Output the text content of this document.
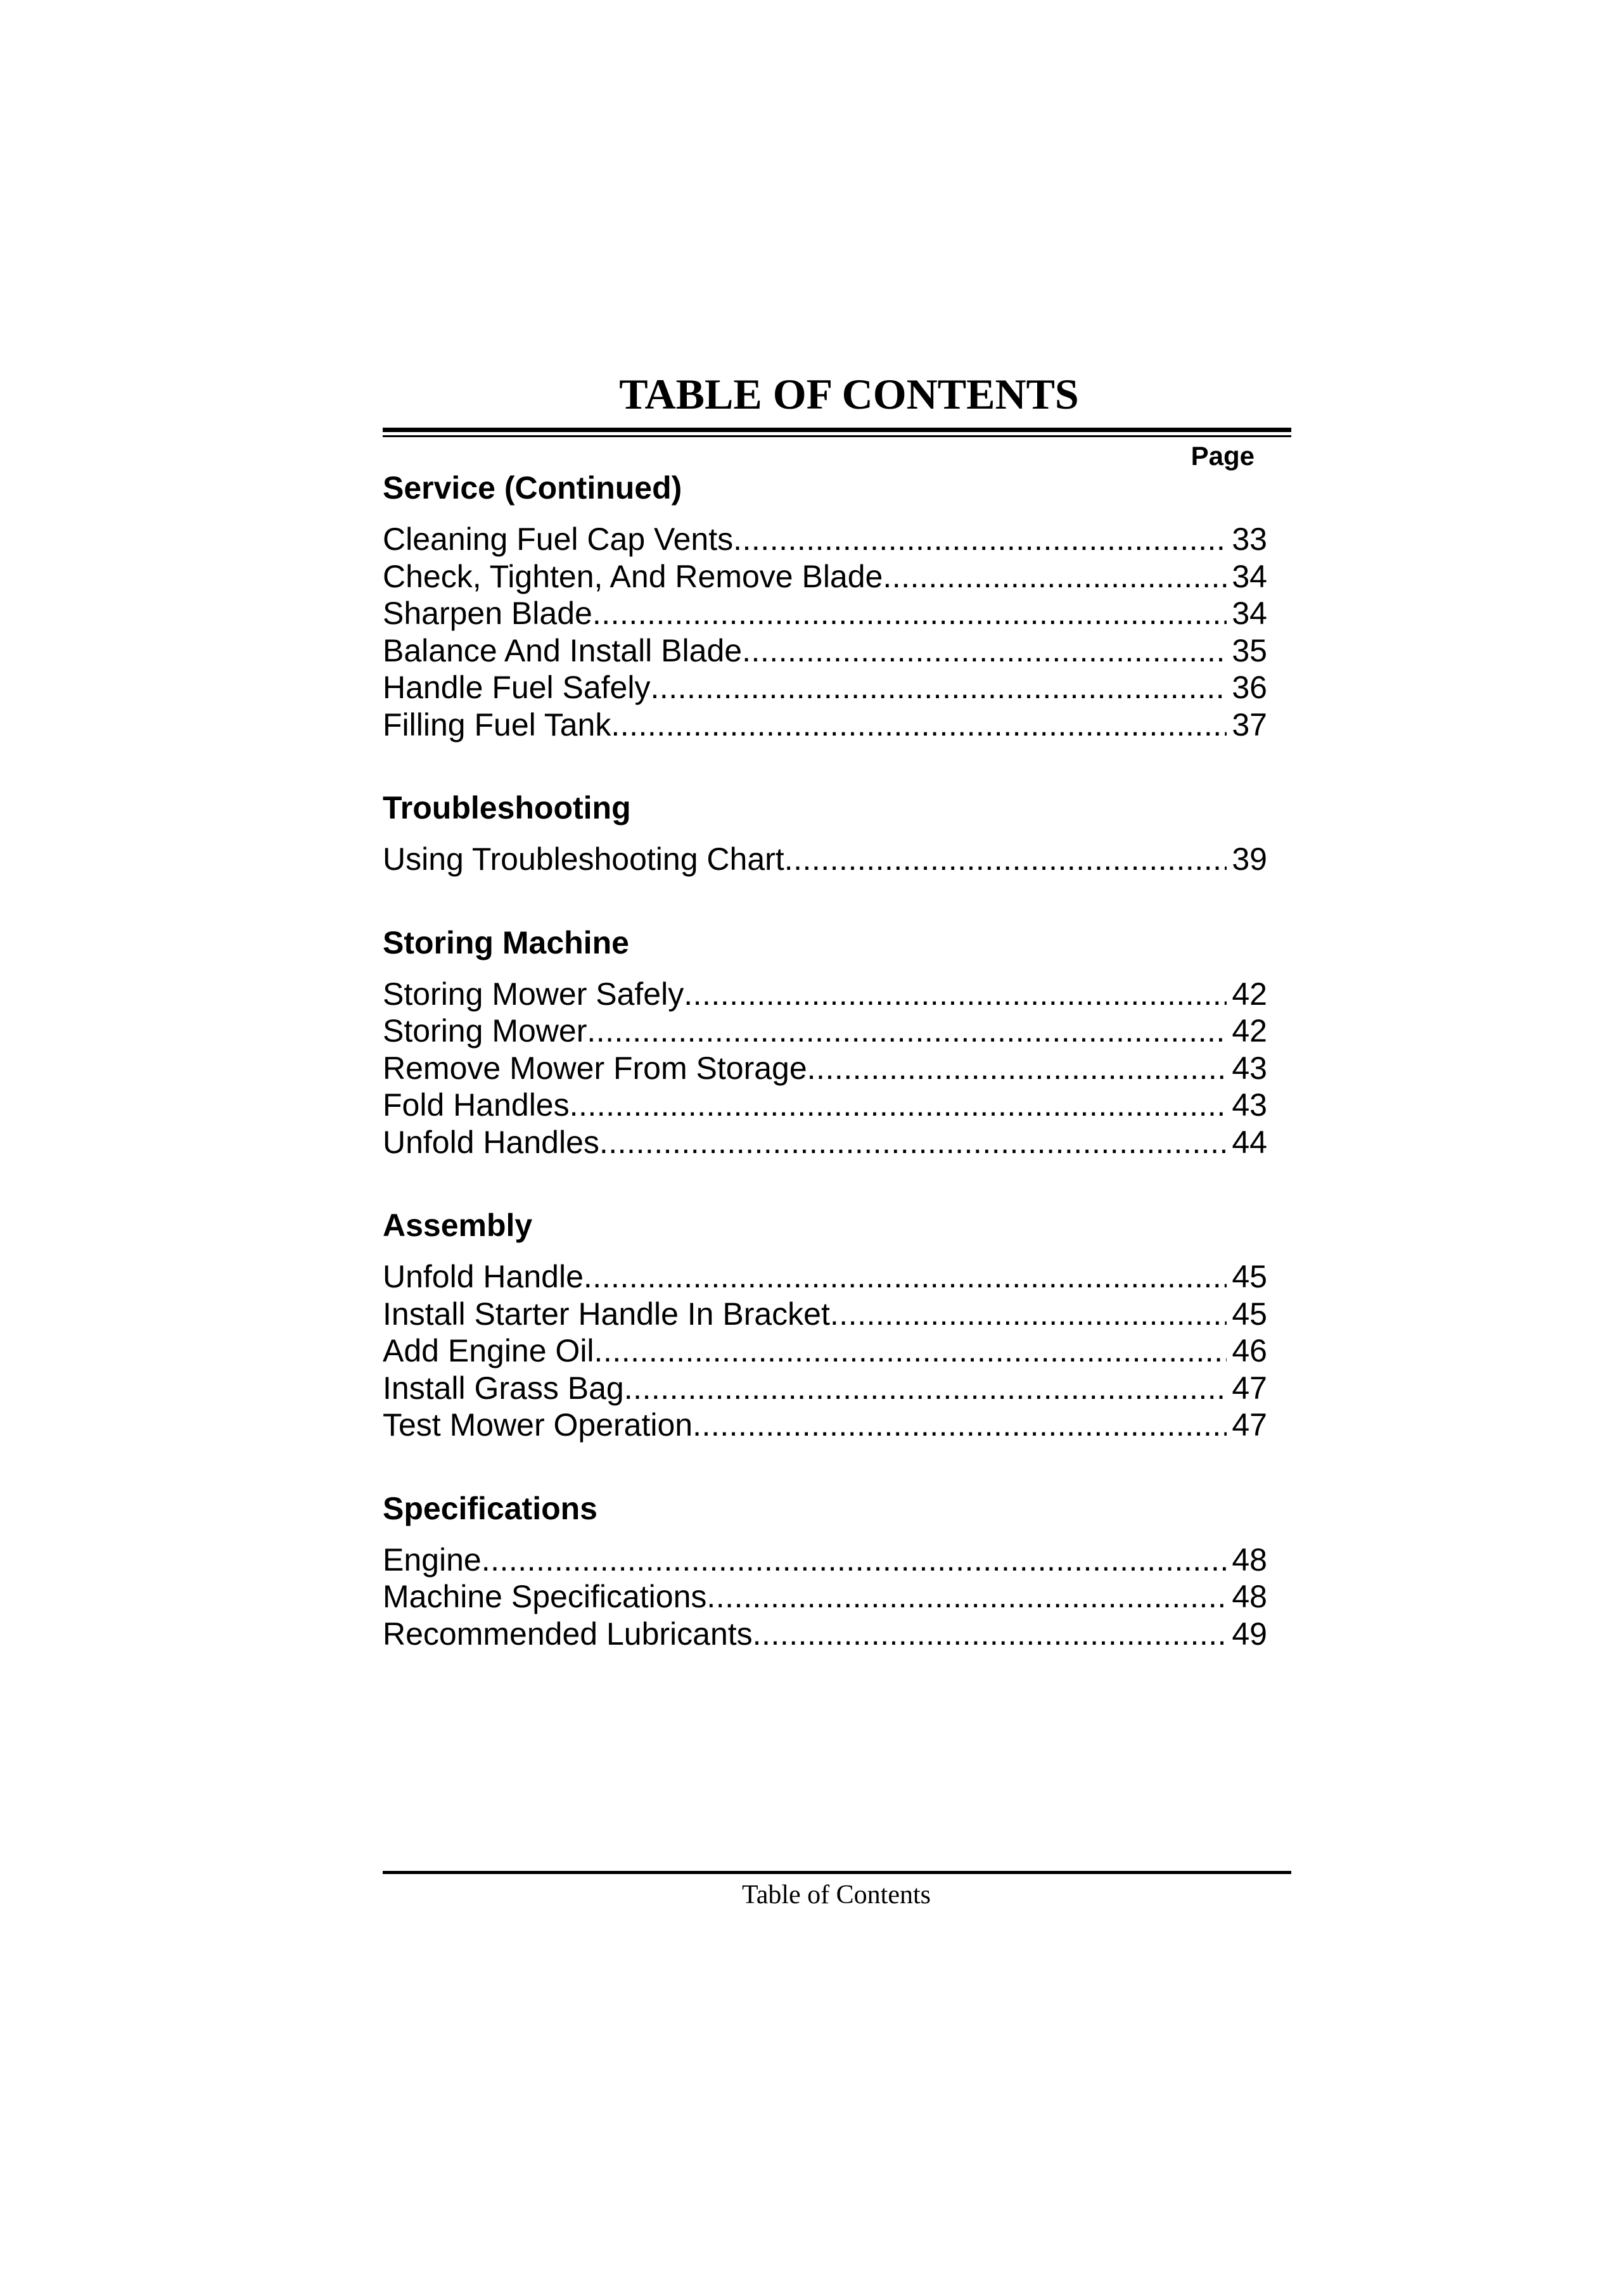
TABLE OF CONTENTS
Page
Service (Continued)
Cleaning Fuel Cap Vents .....	33
Check, Tighten, And Remove Blade .....	34
Sharpen Blade .....	34
Balance And Install Blade .....	35
Handle Fuel Safely .....	36
Filling Fuel Tank .....	37
Troubleshooting
Using Troubleshooting Chart .....	39
Storing Machine
Storing Mower Safely .....	42
Storing Mower .....	42
Remove Mower From Storage .....	43
Fold Handles .....	43
Unfold Handles .....	44
Assembly
Unfold Handle .....	45
Install Starter Handle In Bracket .....	45
Add Engine Oil .....	46
Install Grass Bag .....	47
Test Mower Operation .....	47
Specifications
Engine .....	48
Machine Specifications .....	48
Recommended Lubricants .....	49
Table of Contents
